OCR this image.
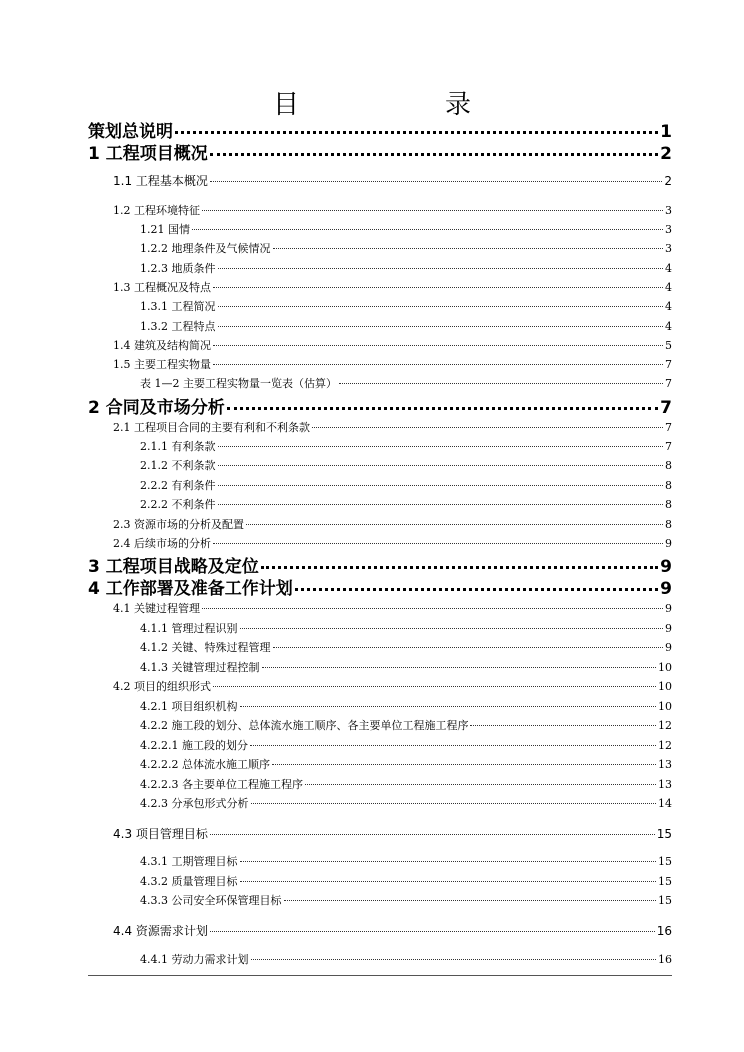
目　录
策划总说明	1
1 工程项目概况	2
1.1 工程基本概况	2
1.2 工程环境特征	3
1.21 国情	3
1.2.2 地理条件及气候情况	3
1.2.3 地质条件	4
1.3 工程概况及特点	4
1.3.1 工程简况	4
1.3.2 工程特点	4
1.4 建筑及结构简况	5
1.5 主要工程实物量	7
表 1—2 主要工程实物量一览表（估算）	7
2 合同及市场分析	7
2.1 工程项目合同的主要有利和不利条款	7
2.1.1 有利条款	7
2.1.2 不利条款	8
2.2.2 有利条件	8
2.2.2 不利条件	8
2.3 资源市场的分析及配置	8
2.4 后续市场的分析	9
3 工程项目战略及定位	9
4 工作部署及准备工作计划	9
4.1 关键过程管理	9
4.1.1 管理过程识别	9
4.1.2 关键、特殊过程管理	9
4.1.3 关键管理过程控制	10
4.2 项目的组织形式	10
4.2.1 项目组织机构	10
4.2.2 施工段的划分、总体流水施工顺序、各主要单位工程施工程序	12
4.2.2.1 施工段的划分	12
4.2.2.2 总体流水施工顺序	13
4.2.2.3 各主要单位工程施工程序	13
4.2.3 分承包形式分析	14
4.3 项目管理目标	15
4.3.1 工期管理目标	15
4.3.2 质量管理目标	15
4.3.3 公司安全环保管理目标	15
4.4 资源需求计划	16
4.4.1 劳动力需求计划	16
